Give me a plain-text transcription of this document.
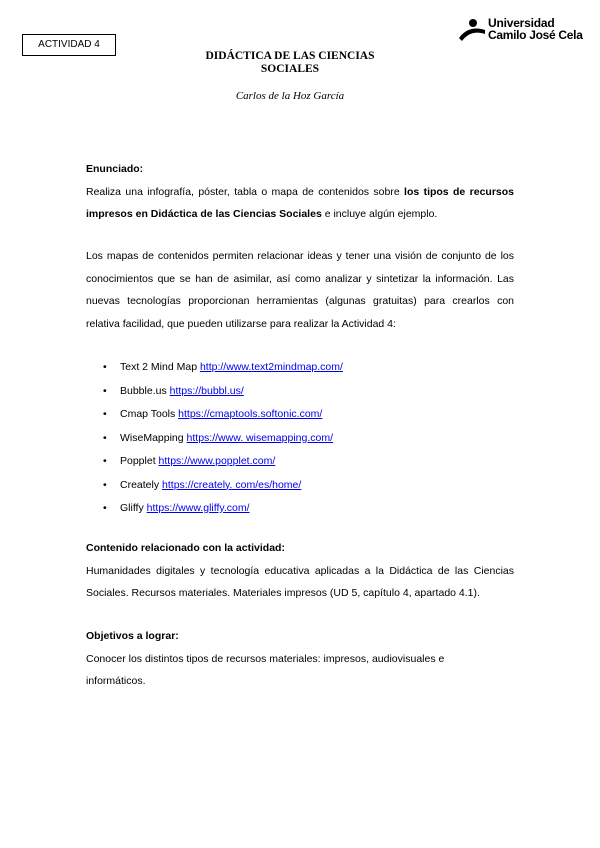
ACTIVIDAD 4
Universidad
Camilo José Cela
DIDÁCTICA DE LAS CIENCIAS
SOCIALES
Carlos de la Hoz García

Enunciado:

Realiza una infografía, póster, tabla o mapa de contenidos sobre los tipos de recursos impresos en Didáctica de las Ciencias Sociales e incluye algún ejemplo.

Los mapas de contenidos permiten relacionar ideas y tener una visión de conjunto de los conocimientos que se han de asimilar, así como analizar y sintetizar la información. Las nuevas tecnologías proporcionan herramientas (algunas gratuitas) para crearlos con relativa facilidad, que pueden utilizarse para realizar la Actividad 4:

• Text 2 Mind Map http://www.text2mindmap.com/
• Bubble.us https://bubbl.us/
• Cmap Tools https://cmaptools.softonic.com/
• WiseMapping https://www. wisemapping.com/
• Popplet https://www.popplet.com/
• Creately https://creately. com/es/home/
• Gliffy https://www.gliffy.com/

Contenido relacionado con la actividad:

Humanidades digitales y tecnología educativa aplicadas a la Didáctica de las Ciencias Sociales. Recursos materiales. Materiales impresos (UD 5, capítulo 4, apartado 4.1).

Objetivos a lograr:

Conocer los distintos tipos de recursos materiales: impresos, audiovisuales e informáticos.
